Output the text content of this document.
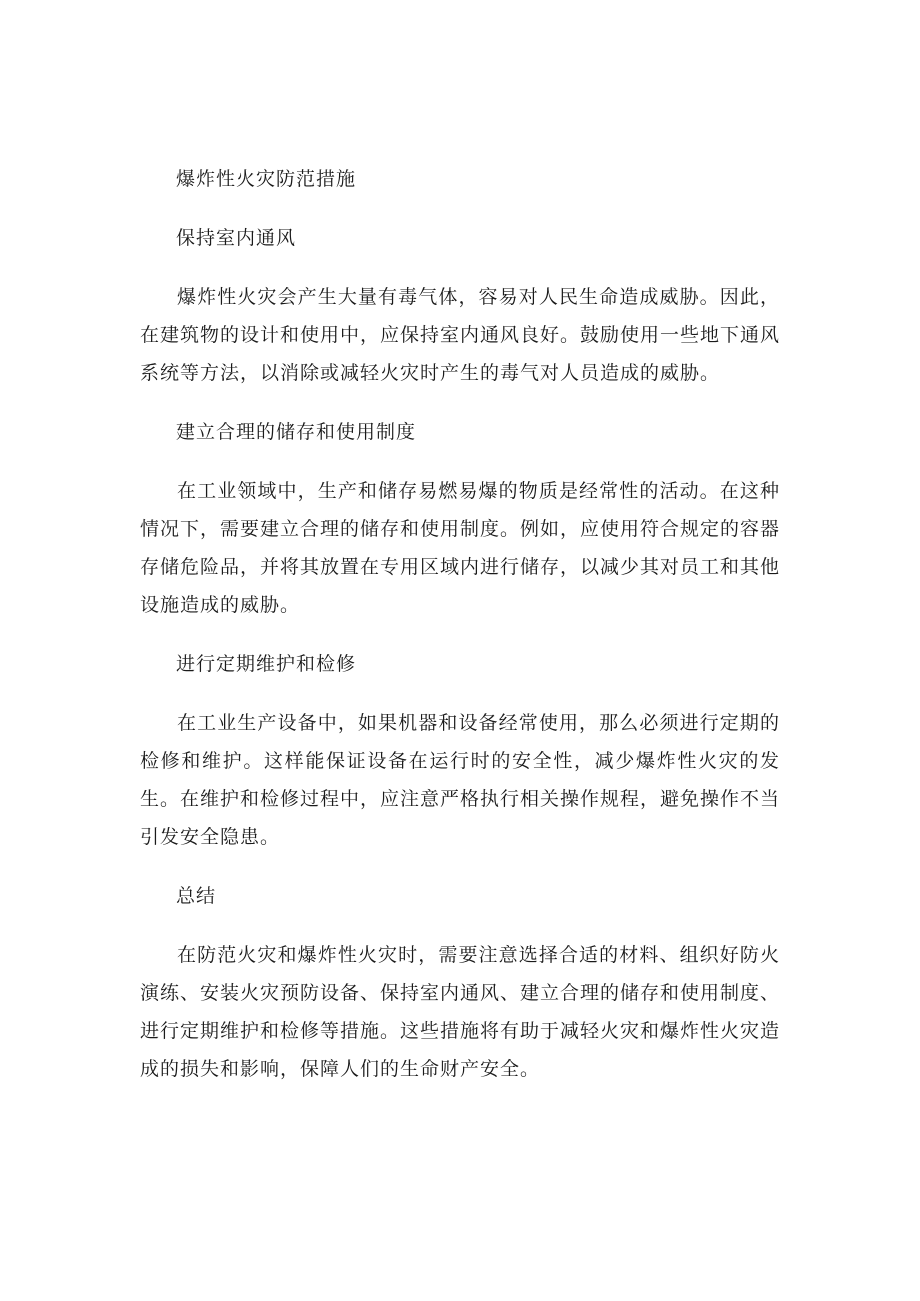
爆炸性火灾防范措施
保持室内通风

爆炸性火灾会产生大量有毒气体，容易对人民生命造成威胁。因此，在建筑物的设计和使用中，应保持室内通风良好。鼓励使用一些地下通风系统等方法，以消除或减轻火灾时产生的毒气对人员造成的威胁。

建立合理的储存和使用制度

在工业领域中，生产和储存易燃易爆的物质是经常性的活动。在这种情况下，需要建立合理的储存和使用制度。例如，应使用符合规定的容器存储危险品，并将其放置在专用区域内进行储存，以减少其对员工和其他设施造成的威胁。

进行定期维护和检修

在工业生产设备中，如果机器和设备经常使用，那么必须进行定期的检修和维护。这样能保证设备在运行时的安全性，减少爆炸性火灾的发生。在维护和检修过程中，应注意严格执行相关操作规程，避免操作不当引发安全隐患。

总结

在防范火灾和爆炸性火灾时，需要注意选择合适的材料、组织好防火演练、安装火灾预防设备、保持室内通风、建立合理的储存和使用制度、进行定期维护和检修等措施。这些措施将有助于减轻火灾和爆炸性火灾造成的损失和影响，保障人们的生命财产安全。
